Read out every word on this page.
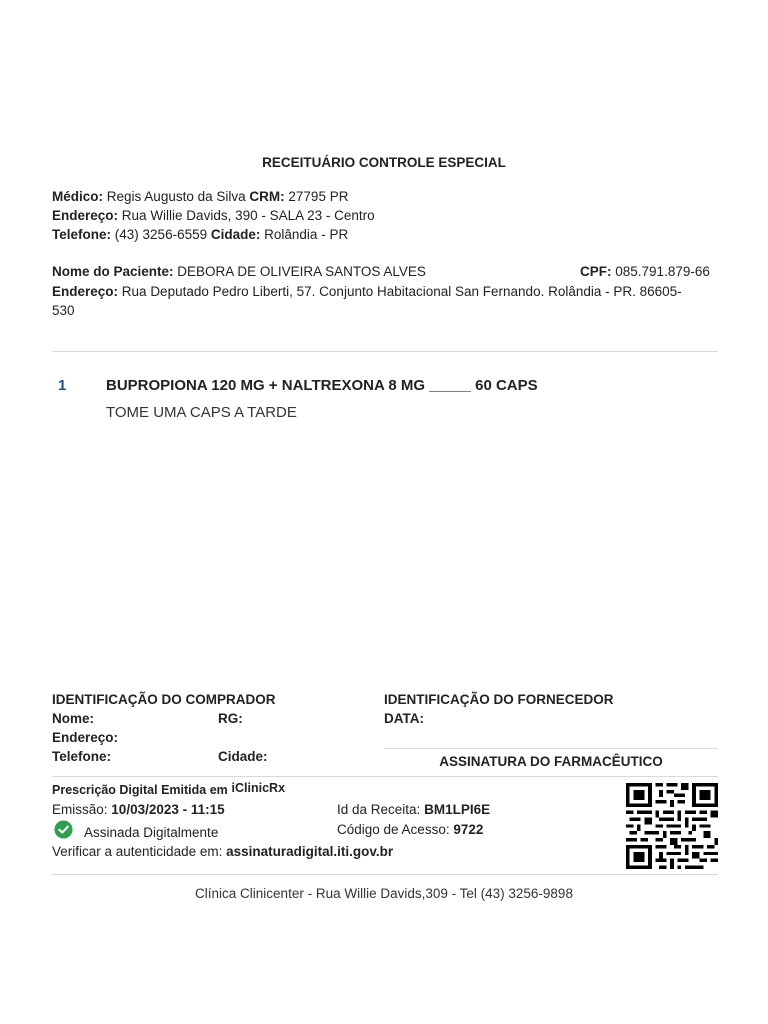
RECEITUÁRIO CONTROLE ESPECIAL
Médico: Regis Augusto da Silva CRM: 27795 PR
Endereço: Rua Willie Davids, 390 - SALA 23 - Centro
Telefone: (43) 3256-6559 Cidade: Rolândia - PR
Nome do Paciente: DEBORA DE OLIVEIRA SANTOS ALVES	CPF: 085.791.879-66
Endereço: Rua Deputado Pedro Liberti, 57. Conjunto Habitacional San Fernando. Rolândia - PR. 86605-
530
1	BUPROPIONA 120 MG + NALTREXONA 8 MG _____ 60 CAPS
TOME UMA CAPS A TARDE
IDENTIFICAÇÃO DO COMPRADOR
Nome:	RG:
Endereço:
Telefone:	Cidade:
IDENTIFICAÇÃO DO FORNECEDOR
DATA:
ASSINATURA DO FARMACÊUTICO
Prescrição Digital Emitida em iClinicRx
Emissão: 10/03/2023 - 11:15
Assinada Digitalmente
Verificar a autenticidade em: assinaturadigital.iti.gov.br
Id da Receita: BM1LPI6E
Código de Acesso: 9722
Clínica Clinicenter - Rua Willie Davids,309 - Tel (43) 3256-9898
